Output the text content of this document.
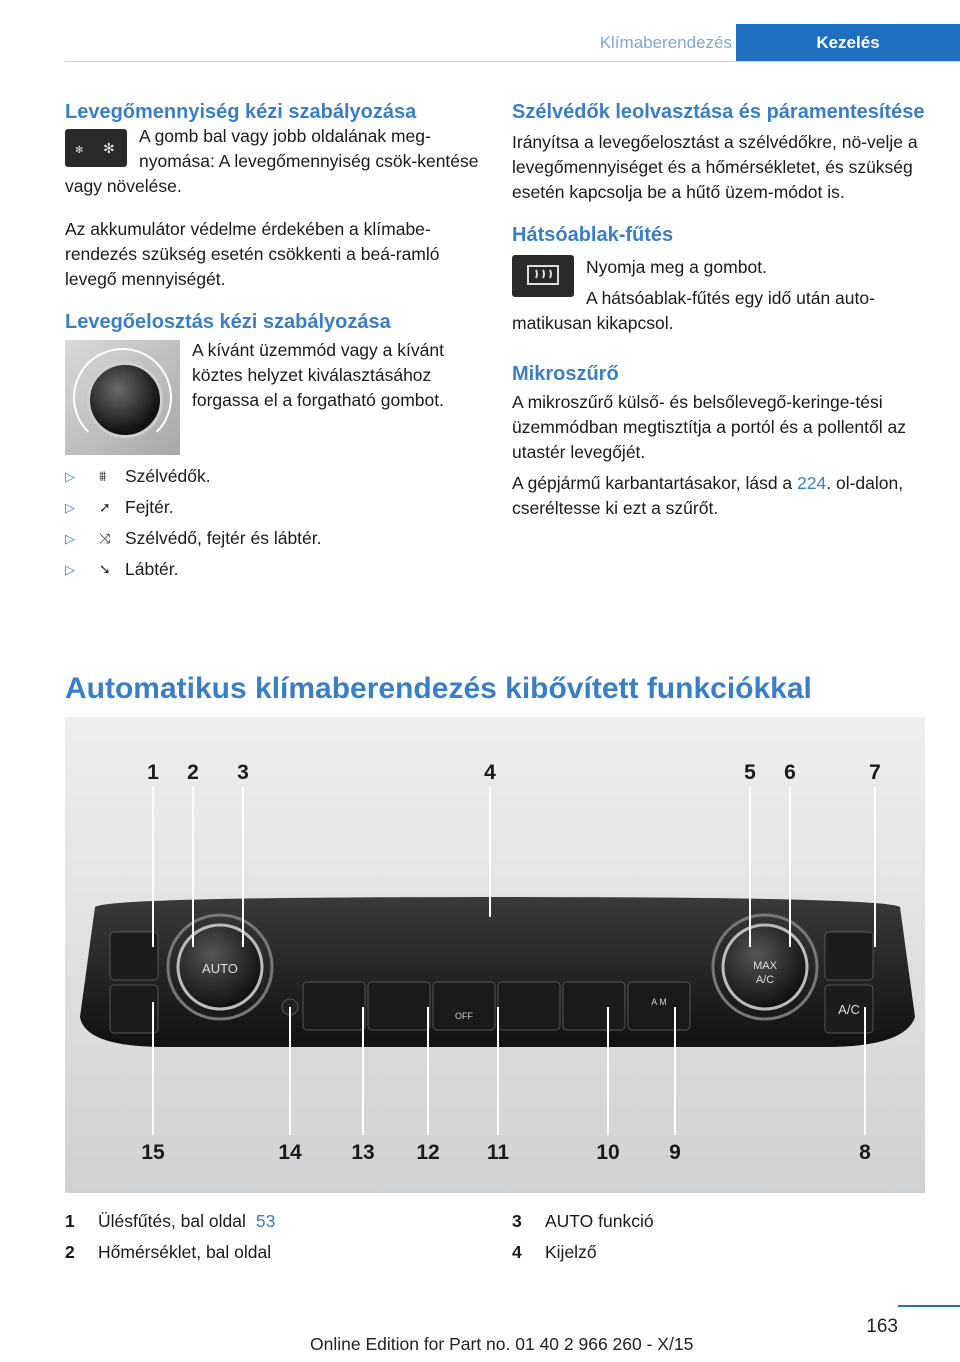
Klímaberendezés	Kezelés
Levegőmennyiség kézi szabályozása
✻ ✻

A gomb bal vagy jobb oldalának meg-nyomása: A levegőmennyiség csök-kentése vagy növelése.

Az akkumulátor védelme érdekében a klímabe-rendezés szükség esetén csökkenti a beá-ramló levegő mennyiségét.

Levegőelosztás kézi szabályozása

A kívánt üzemmód vagy a kívánt köztes helyzet kiválasztásához forgassa el a forgatható gombot.

▷ ⩩	Szélvédők.
▷ ➚ Fejtér.
▷ ⤨ Szélvédő, fejtér és lábtér.
▷ ➘ Lábtér.
Szélvédők leolvasztása és páramentesítése

Irányítsa a levegőelosztást a szélvédőkre, nö-velje a levegőmennyiséget és a hőmérsékletet, és szükség esetén kapcsolja be a hűtő üzem-módot is.

Hátsóablak-fűtés

Nyomja meg a gombot.

A hátsóablak-fűtés egy idő után auto-matikusan kikapcsol.

Mikroszűrő

A mikroszűrő külső- és belsőlevegő-keringe-tési üzemmódban megtisztítja a portól és a pollentől az utastér levegőjét.

A gépjármű karbantartásakor, lásd a 224. ol-dalon, cseréltesse ki ezt a szűrőt.

Automatikus klímaberendezés kibővített funkciókkal
AUTO	MAX
A/C
A/C
OFF
A M
1 2 3	4	5 6	7
15	14 13 12 11	10 9	8
1 Ülésfűtés, bal oldal 53
2 Hőmérséklet, bal oldal
3 AUTO funkció
4 Kijelző
163
Online Edition for Part no. 01 40 2 966 260 - X/15
